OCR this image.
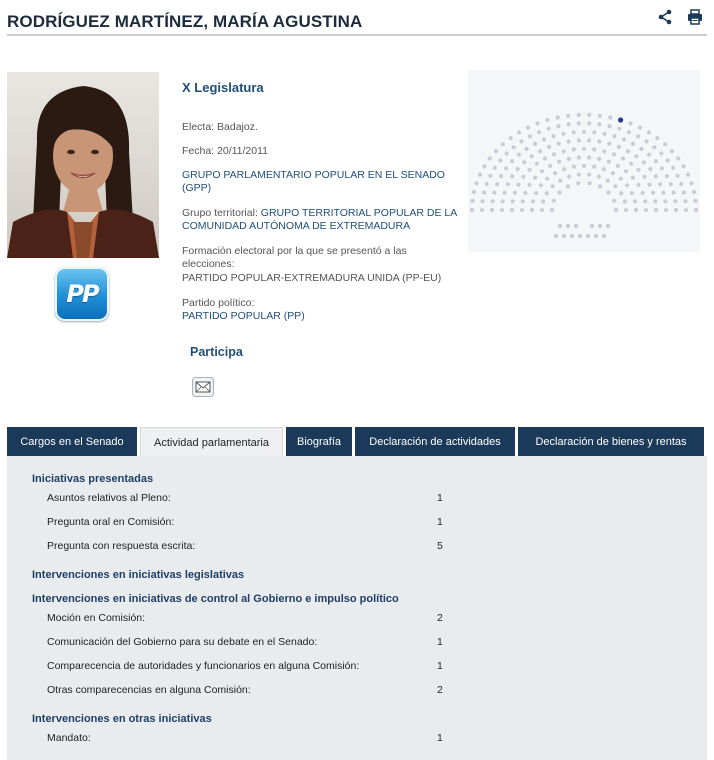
RODRÍGUEZ MARTÍNEZ, MARÍA AGUSTINA
PP
X Legislatura
Electa: Badajoz.
Fecha: 20/11/2011
GRUPO PARLAMENTARIO POPULAR EN EL SENADO (GPP)
Grupo territorial: GRUPO TERRITORIAL POPULAR DE LA COMUNIDAD AUTÓNOMA DE EXTREMADURA
Formación electoral por la que se presentó a las elecciones:
PARTIDO POPULAR-EXTREMADURA UNIDA (PP-EU)
Partido político:
PARTIDO POPULAR (PP)
Participa
Cargos en el Senado	Actividad parlamentaria	Biografía	Declaración de actividades	Declaración de bienes y rentas
Iniciativas presentadas
Asuntos relativos al Pleno:	1
Pregunta oral en Comisión:	1
Pregunta con respuesta escrita:	5
Intervenciones en iniciativas legislativas
Intervenciones en iniciativas de control al Gobierno e impulso político
Moción en Comisión:	2
Comunicación del Gobierno para su debate en el Senado:	1
Comparecencia de autoridades y funcionarios en alguna Comisión:	1
Otras comparecencias en alguna Comisión:	2
Intervenciones en otras iniciativas
Mandato:	1
